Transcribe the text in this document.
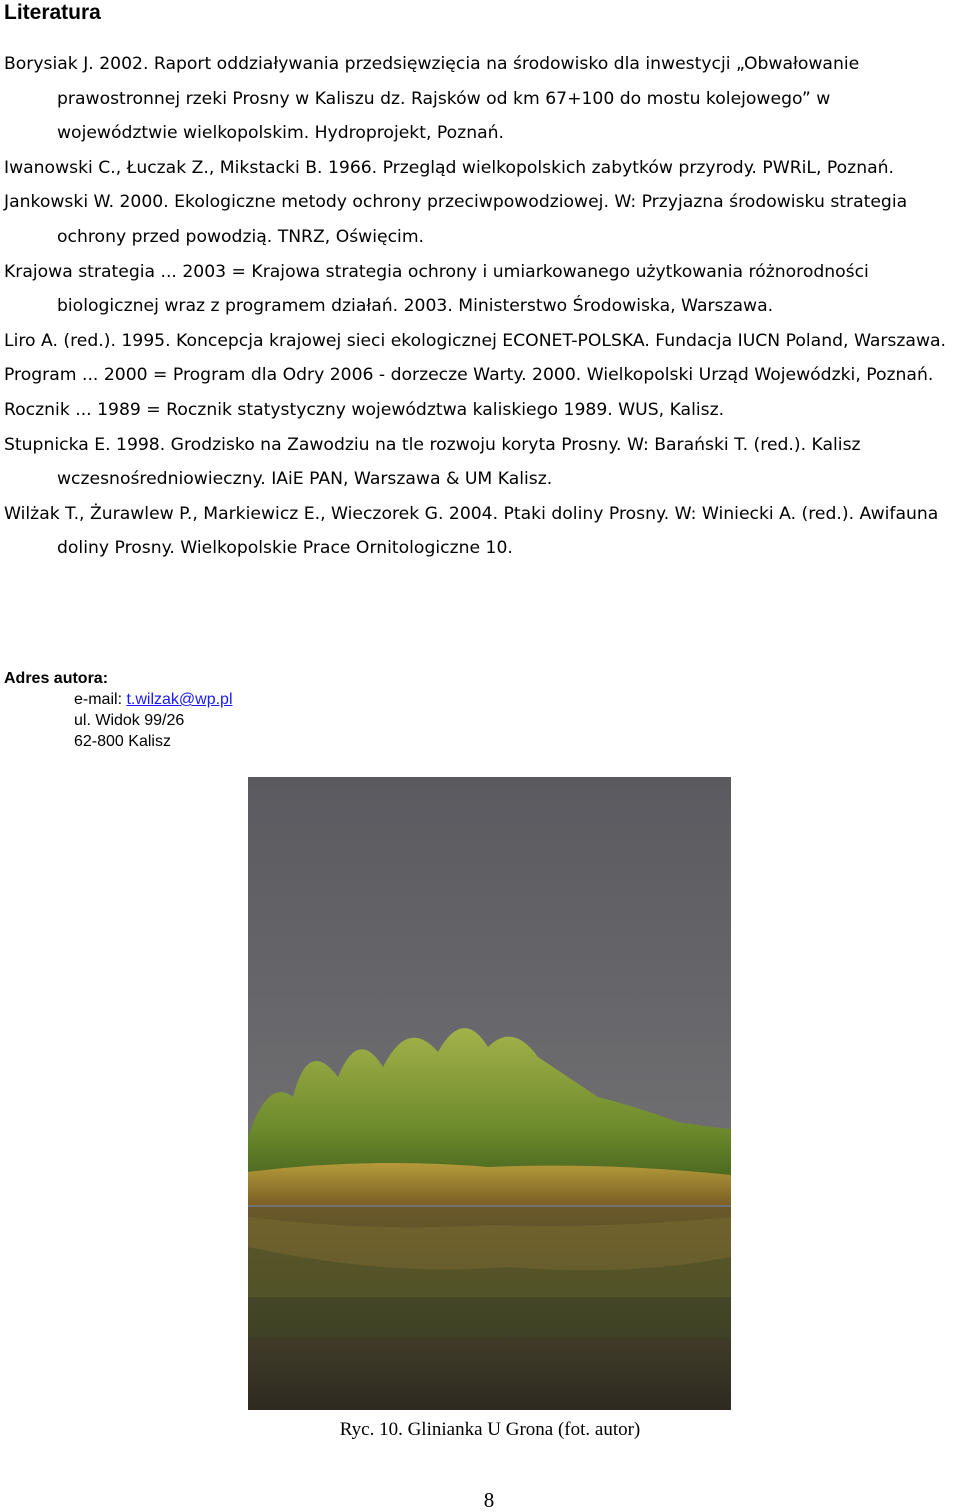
Literatura

Borysiak J. 2002. Raport oddziaływania przedsięwzięcia na środowisko dla inwestycji „Obwałowanie prawostronnej rzeki Prosny w Kaliszu dz. Rajsków od km 67+100 do mostu kolejowego” w województwie wielkopolskim. Hydroprojekt, Poznań.

Iwanowski C., Łuczak Z., Mikstacki B. 1966. Przegląd wielkopolskich zabytków przyrody. PWRiL, Poznań.

Jankowski W. 2000. Ekologiczne metody ochrony przeciwpowodziowej. W: Przyjazna środowisku strategia ochrony przed powodzią. TNRZ, Oświęcim.

Krajowa strategia ... 2003 = Krajowa strategia ochrony i umiarkowanego użytkowania różnorodności biologicznej wraz z programem działań. 2003. Ministerstwo Środowiska, Warszawa.

Liro A. (red.). 1995. Koncepcja krajowej sieci ekologicznej ECONET-POLSKA. Fundacja IUCN Poland, Warszawa.

Program ... 2000 = Program dla Odry 2006 - dorzecze Warty. 2000. Wielkopolski Urząd Wojewódzki, Poznań.

Rocznik ... 1989 = Rocznik statystyczny województwa kaliskiego 1989. WUS, Kalisz.

Stupnicka E. 1998. Grodzisko na Zawodziu na tle rozwoju koryta Prosny. W: Barański T. (red.). Kalisz wczesnośredniowieczny. IAiE PAN, Warszawa & UM Kalisz.

Wilżak T., Żurawlew P., Markiewicz E., Wieczorek G. 2004. Ptaki doliny Prosny. W: Winiecki A. (red.). Awifauna doliny Prosny. Wielkopolskie Prace Ornitologiczne 10.

Adres autora:
e-mail: t.wilzak@wp.pl
ul. Widok 99/26
62-800 Kalisz
Ryc. 10. Glinianka U Grona (fot. autor)
8
